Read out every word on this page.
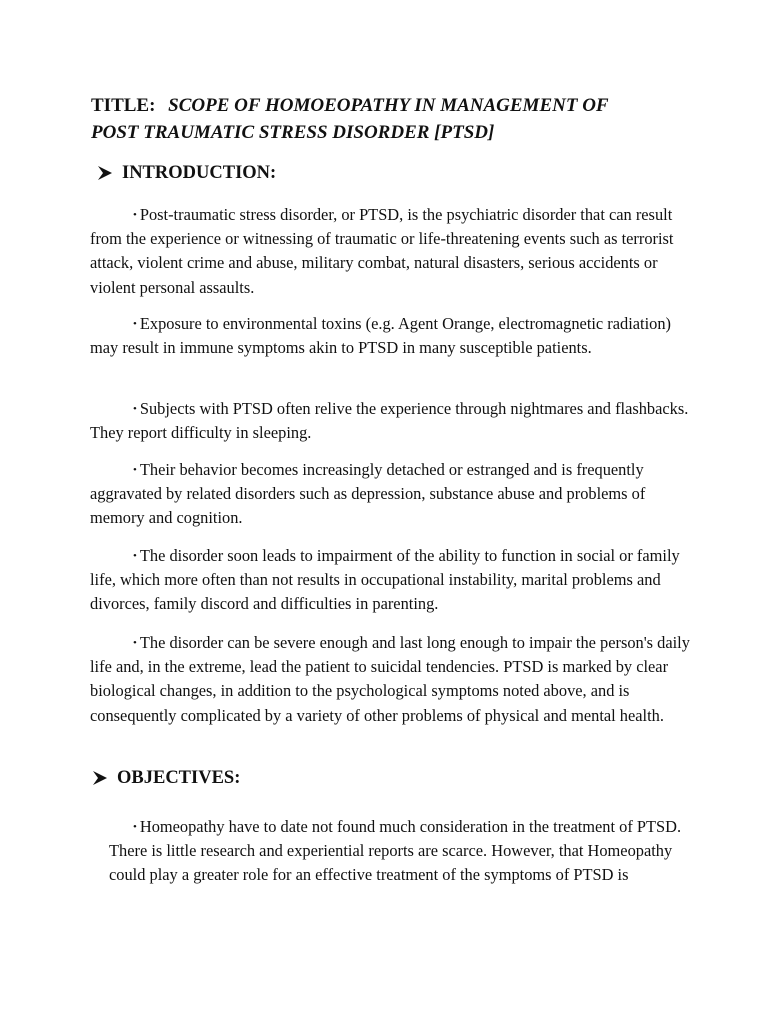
TITLE: SCOPE OF HOMOEOPATHY IN MANAGEMENT OF
POST TRAUMATIC STRESS DISORDER [PTSD]
INTRODUCTION:
• Post-traumatic stress disorder, or PTSD, is the psychiatric disorder that can result from the experience or witnessing of traumatic or life-threatening events such as terrorist attack, violent crime and abuse, military combat, natural disasters, serious accidents or violent personal assaults.
• Exposure to environmental toxins (e.g. Agent Orange, electromagnetic radiation) may result in immune symptoms akin to PTSD in many susceptible patients.
• Subjects with PTSD often relive the experience through nightmares and flashbacks. They report difficulty in sleeping.
• Their behavior becomes increasingly detached or estranged and is frequently aggravated by related disorders such as depression, substance abuse and problems of memory and cognition.
• The disorder soon leads to impairment of the ability to function in social or family life, which more often than not results in occupational instability, marital problems and divorces, family discord and difficulties in parenting.
• The disorder can be severe enough and last long enough to impair the person's daily life and, in the extreme, lead the patient to suicidal tendencies. PTSD is marked by clear biological changes, in addition to the psychological symptoms noted above, and is consequently complicated by a variety of other problems of physical and mental health.
OBJECTIVES:
• Homeopathy have to date not found much consideration in the treatment of PTSD. There is little research and experiential reports are scarce. However, that Homeopathy could play a greater role for an effective treatment of the symptoms of PTSD is
